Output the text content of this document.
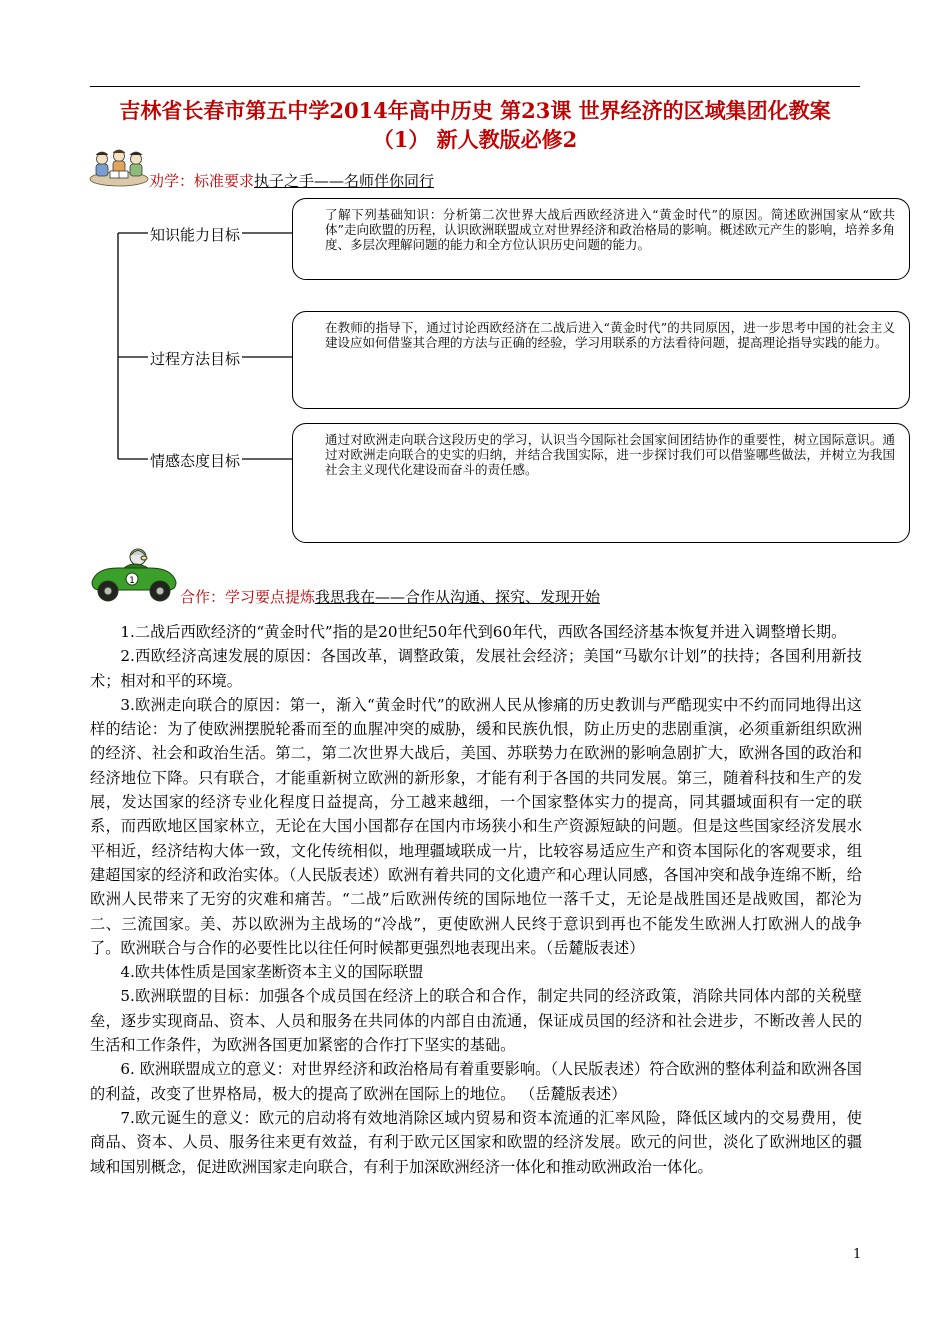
吉林省长春市第五中学2014年高中历史 第23课 世界经济的区域集团化教案
（1） 新人教版必修2
劝学：标准要求执子之手——名师伴你同行
知识能力目标
过程方法目标
情感态度目标
了解下列基础知识：分析第二次世界大战后西欧经济进入“黄金时代”的原因。简述欧洲国家从“欧共体”走向欧盟的历程，认识欧洲联盟成立对世界经济和政治格局的影响。概述欧元产生的影响，培养多角度、多层次理解问题的能力和全方位认识历史问题的能力。
在教师的指导下，通过讨论西欧经济在二战后进入“黄金时代”的共同原因，进一步思考中国的社会主义建设应如何借鉴其合理的方法与正确的经验，学习用联系的方法看待问题，提高理论指导实践的能力。
通过对欧洲走向联合这段历史的学习，认识当今国际社会国家间团结协作的重要性，树立国际意识。通过对欧洲走向联合的史实的归纳，并结合我国实际，进一步探讨我们可以借鉴哪些做法，并树立为我国社会主义现代化建设而奋斗的责任感。
1
合作：学习要点提炼我思我在——合作从沟通、探究、发现开始

1.二战后西欧经济的“黄金时代”指的是20世纪50年代到60年代，西欧各国经济基本恢复并进入调整增长期。

2.西欧经济高速发展的原因：各国改革，调整政策，发展社会经济；美国“马歇尔计划”的扶持；各国利用新技术；相对和平的环境。

3.欧洲走向联合的原因：第一，渐入“黄金时代”的欧洲人民从惨痛的历史教训与严酷现实中不约而同地得出这样的结论：为了使欧洲摆脱轮番而至的血腥冲突的威胁，缓和民族仇恨，防止历史的悲剧重演，必须重新组织欧洲的经济、社会和政治生活。第二，第二次世界大战后，美国、苏联势力在欧洲的影响急剧扩大，欧洲各国的政治和经济地位下降。只有联合，才能重新树立欧洲的新形象，才能有利于各国的共同发展。第三，随着科技和生产的发展，发达国家的经济专业化程度日益提高，分工越来越细，一个国家整体实力的提高，同其疆域面积有一定的联系，而西欧地区国家林立，无论在大国小国都存在国内市场狭小和生产资源短缺的问题。但是这些国家经济发展水平相近，经济结构大体一致，文化传统相似，地理疆域联成一片，比较容易适应生产和资本国际化的客观要求，组建超国家的经济和政治实体。（人民版表述）欧洲有着共同的文化遗产和心理认同感，各国冲突和战争连绵不断，给欧洲人民带来了无穷的灾难和痛苦。“二战”后欧洲传统的国际地位一落千丈，无论是战胜国还是战败国，都沦为二、三流国家。美、苏以欧洲为主战场的“冷战”，更使欧洲人民终于意识到再也不能发生欧洲人打欧洲人的战争了。欧洲联合与合作的必要性比以往任何时候都更强烈地表现出来。（岳麓版表述）

4.欧共体性质是国家垄断资本主义的国际联盟

5.欧洲联盟的目标：加强各个成员国在经济上的联合和合作，制定共同的经济政策，消除共同体内部的关税壁垒，逐步实现商品、资本、人员和服务在共同体的内部自由流通，保证成员国的经济和社会进步，不断改善人民的生活和工作条件，为欧洲各国更加紧密的合作打下坚实的基础。

6. 欧洲联盟成立的意义：对世界经济和政治格局有着重要影响。（人民版表述）符合欧洲的整体利益和欧洲各国的利益，改变了世界格局，极大的提高了欧洲在国际上的地位。 （岳麓版表述）

7.欧元诞生的意义：欧元的启动将有效地消除区域内贸易和资本流通的汇率风险，降低区域内的交易费用，使商品、资本、人员、服务往来更有效益，有利于欧元区国家和欧盟的经济发展。欧元的问世，淡化了欧洲地区的疆域和国别概念，促进欧洲国家走向联合，有利于加深欧洲经济一体化和推动欧洲政治一体化。

1
